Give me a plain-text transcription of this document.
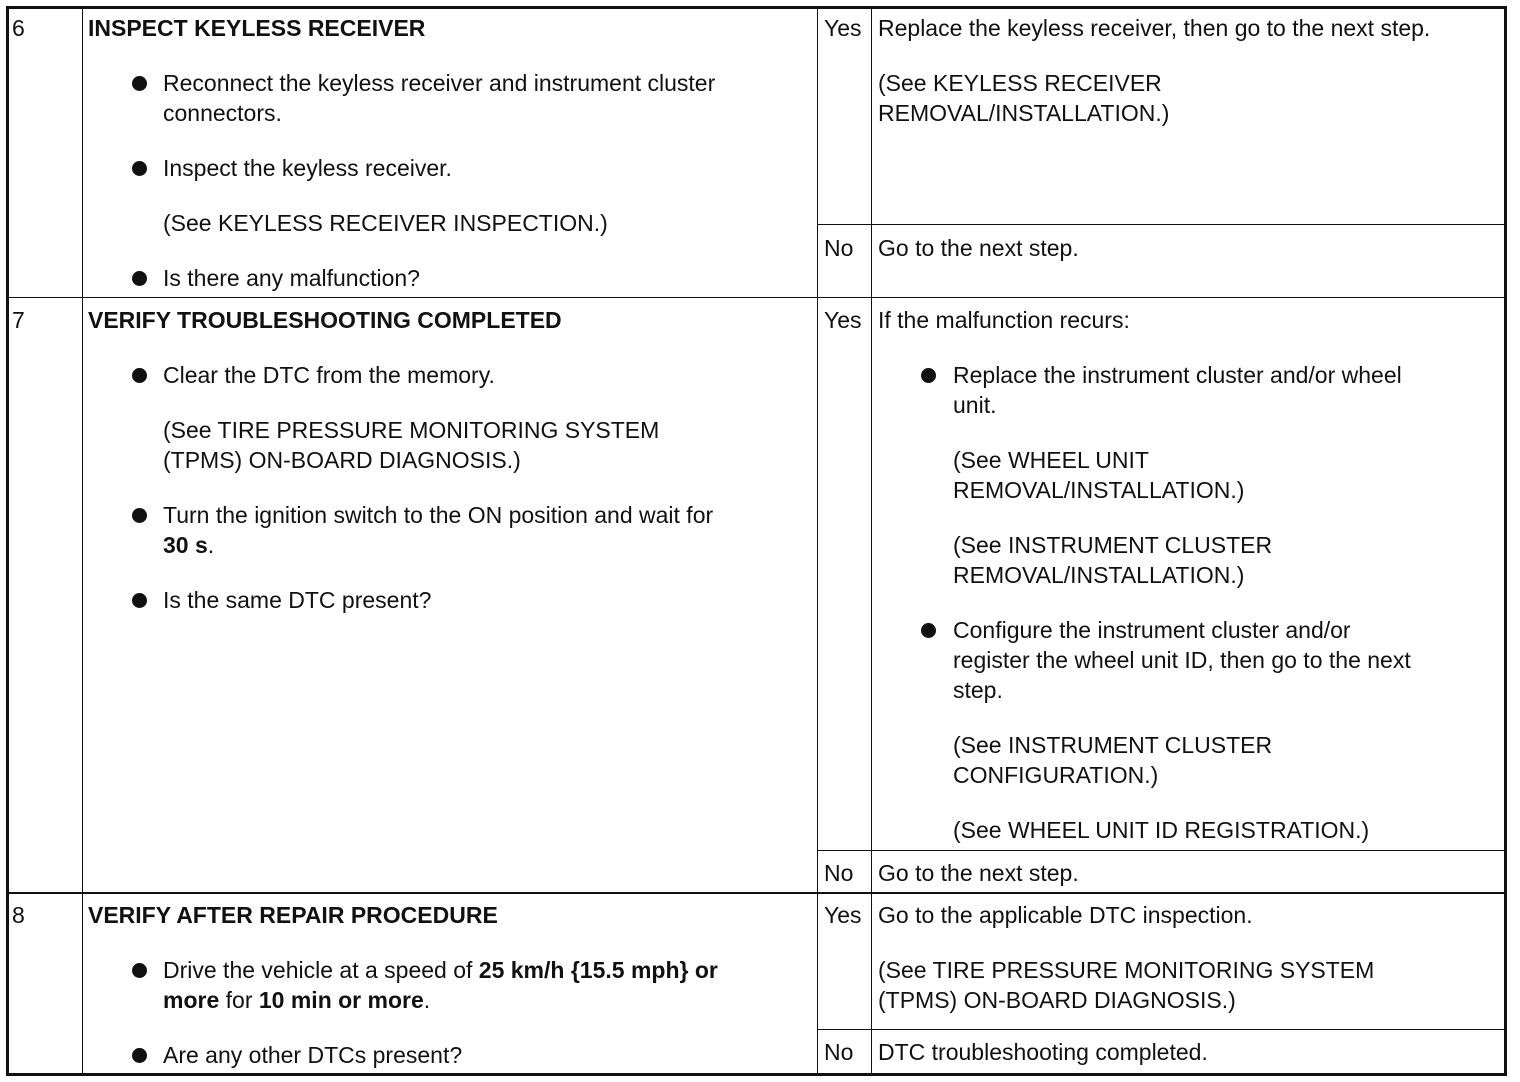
6	INSPECT KEYLESS RECEIVER
Reconnect the keyless receiver and instrument cluster
connectors.
Inspect the keyless receiver.
(See KEYLESS RECEIVER INSPECTION.)
Is there any malfunction?
Yes Replace the keyless receiver, then go to the next step.
(See KEYLESS RECEIVER
REMOVAL/INSTALLATION.)
No Go to the next step.
7	VERIFY TROUBLESHOOTING COMPLETED
Clear the DTC from the memory.
(See TIRE PRESSURE MONITORING SYSTEM
(TPMS) ON-BOARD DIAGNOSIS.)
Turn the ignition switch to the ON position and wait for
30 s.
Is the same DTC present?
Yes If the malfunction recurs:
Replace the instrument cluster and/or wheel
unit.
(See WHEEL UNIT
REMOVAL/INSTALLATION.)
(See INSTRUMENT CLUSTER
REMOVAL/INSTALLATION.)
Configure the instrument cluster and/or
register the wheel unit ID, then go to the next
step.
(See INSTRUMENT CLUSTER
CONFIGURATION.)
(See WHEEL UNIT ID REGISTRATION.)
No Go to the next step.
8	VERIFY AFTER REPAIR PROCEDURE
Drive the vehicle at a speed of 25 km/h {15.5 mph} or
more for 10 min or more.
Are any other DTCs present?
Yes Go to the applicable DTC inspection.
(See TIRE PRESSURE MONITORING SYSTEM
(TPMS) ON-BOARD DIAGNOSIS.)
No DTC troubleshooting completed.
